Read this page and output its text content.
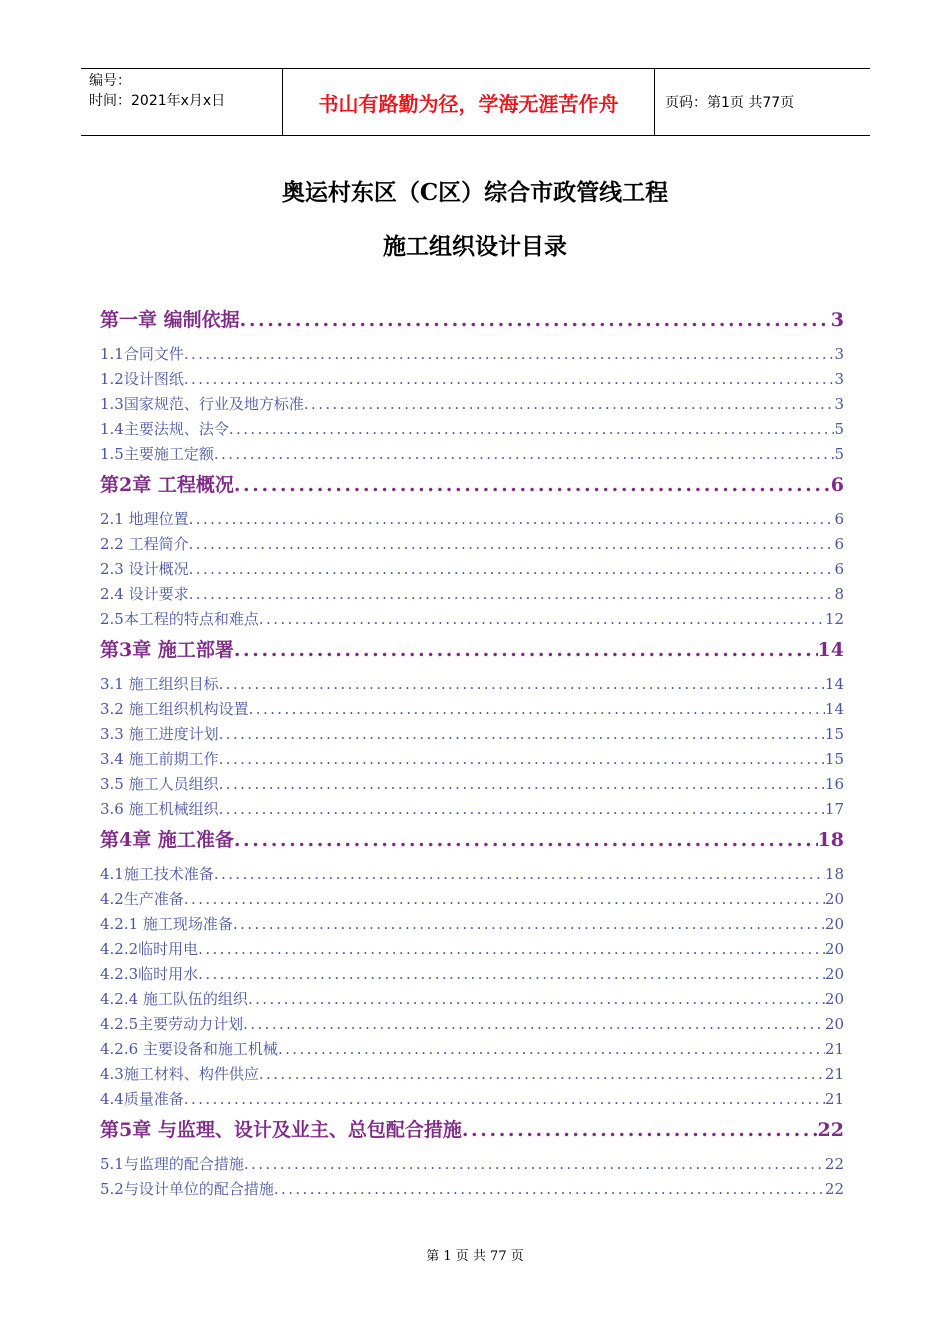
编号：
时间：2021年x月x日	书山有路勤为径，学海无涯苦作舟	页码：第1页 共77页
奥运村东区（C区）综合市政管线工程
施工组织设计目录
第一章 编制依据 .....	3
1.1合同文件 .....	3
1.2设计图纸 .....	3
1.3国家规范、行业及地方标准 .....	3
1.4主要法规、法令 .....	5
1.5主要施工定额 .....	5
第2章 工程概况 .....	6
2.1 地理位置 .....	6
2.2 工程简介 .....	6
2.3 设计概况 .....	6
2.4 设计要求 .....	8
2.5本工程的特点和难点 .....	12
第3章 施工部署 .....	14
3.1 施工组织目标 .....	14
3.2 施工组织机构设置 .....	14
3.3 施工进度计划 .....	15
3.4 施工前期工作 .....	15
3.5 施工人员组织 .....	16
3.6 施工机械组织 .....	17
第4章 施工准备 .....	18
4.1施工技术准备 .....	18
4.2生产准备 .....	20
4.2.1 施工现场准备 .....	20
4.2.2临时用电 .....	20
4.2.3临时用水 .....	20
4.2.4 施工队伍的组织 .....	20
4.2.5主要劳动力计划 .....	20
4.2.6 主要设备和施工机械 .....	21
4.3施工材料、构件供应 .....	21
4.4质量准备 .....	21
第5章 与监理、设计及业主、总包配合措施 .....	22
5.1与监理的配合措施 .....	22
5.2与设计单位的配合措施 .....	22
第 1 页 共 77 页
